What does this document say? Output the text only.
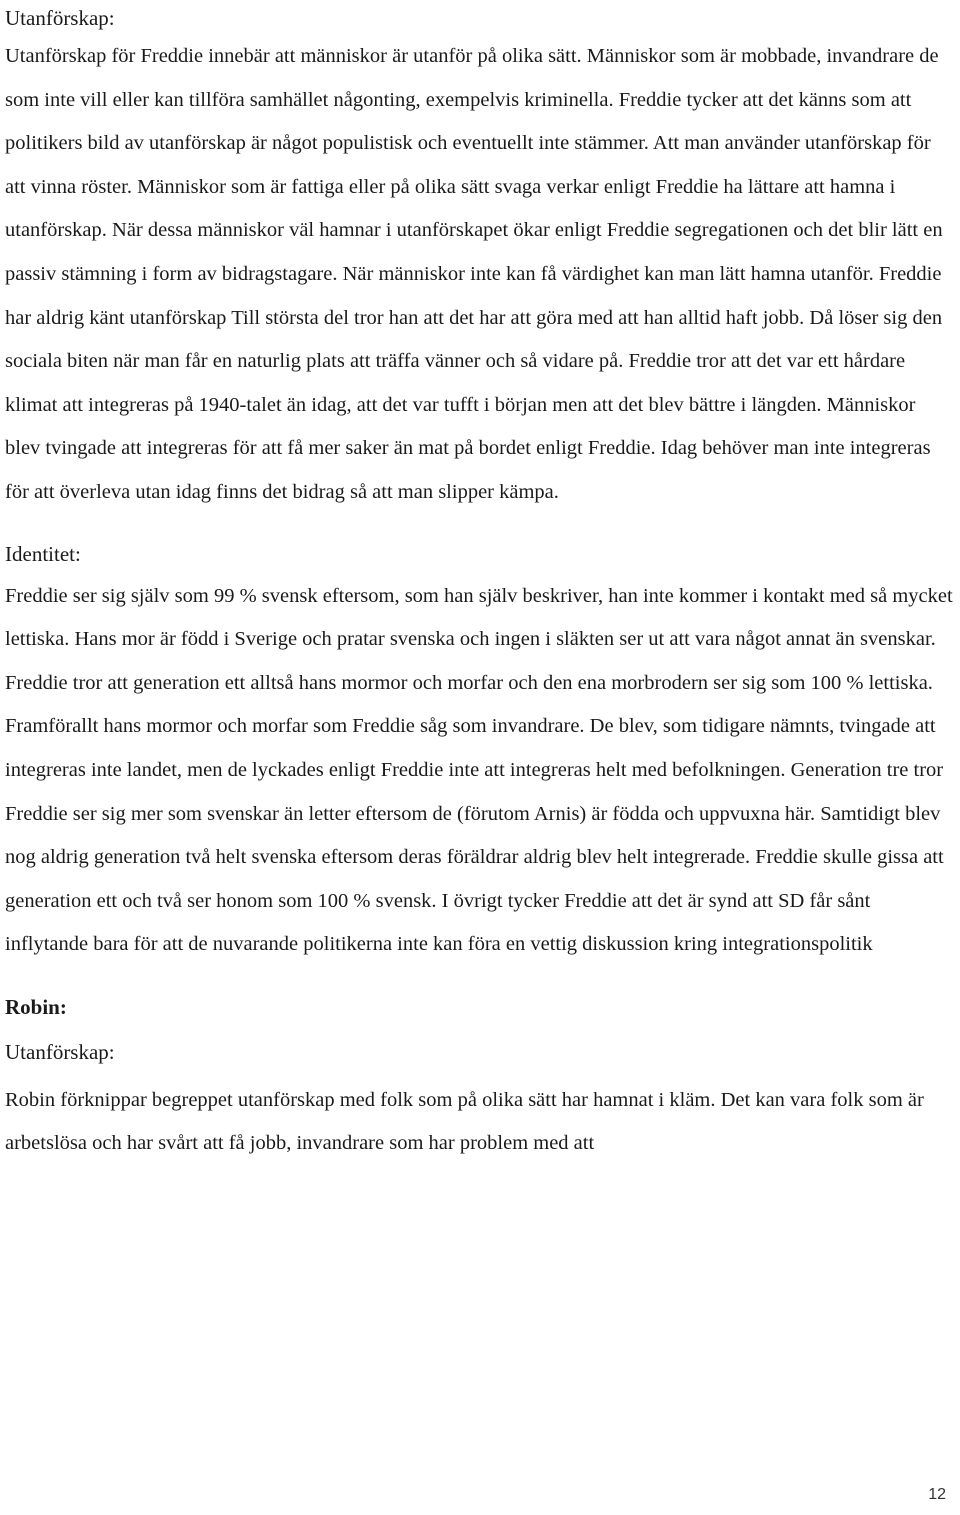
Utanförskap:

Utanförskap för Freddie innebär att människor är utanför på olika sätt. Människor som är mobbade, invandrare de som inte vill eller kan tillföra samhället någonting, exempelvis kriminella. Freddie tycker att det känns som att politikers bild av utanförskap är något populistisk och eventuellt inte stämmer. Att man använder utanförskap för att vinna röster. Människor som är fattiga eller på olika sätt svaga verkar enligt Freddie ha lättare att hamna i utanförskap. När dessa människor väl hamnar i utanförskapet ökar enligt Freddie segregationen och det blir lätt en passiv stämning i form av bidragstagare. När människor inte kan få värdighet kan man lätt hamna utanför. Freddie har aldrig känt utanförskap Till största del tror han att det har att göra med att han alltid haft jobb. Då löser sig den sociala biten när man får en naturlig plats att träffa vänner och så vidare på. Freddie tror att det var ett hårdare klimat att integreras på 1940-talet än idag, att det var tufft i början men att det blev bättre i längden. Människor blev tvingade att integreras för att få mer saker än mat på bordet enligt Freddie. Idag behöver man inte integreras för att överleva utan idag finns det bidrag så att man slipper kämpa.

Identitet:

Freddie ser sig själv som 99 % svensk eftersom, som han själv beskriver, han inte kommer i kontakt med så mycket lettiska. Hans mor är född i Sverige och pratar svenska och ingen i släkten ser ut att vara något annat än svenskar. Freddie tror att generation ett alltså hans mormor och morfar och den ena morbrodern ser sig som 100 % lettiska. Framförallt hans mormor och morfar som Freddie såg som invandrare. De blev, som tidigare nämnts, tvingade att integreras inte landet, men de lyckades enligt Freddie inte att integreras helt med befolkningen. Generation tre tror Freddie ser sig mer som svenskar än letter eftersom de (förutom Arnis) är födda och uppvuxna här. Samtidigt blev nog aldrig generation två helt svenska eftersom deras föräldrar aldrig blev helt integrerade. Freddie skulle gissa att generation ett och två ser honom som 100 % svensk. I övrigt tycker Freddie att det är synd att SD får sånt inflytande bara för att de nuvarande politikerna inte kan föra en vettig diskussion kring integrationspolitik

Robin:
Utanförskap:

Robin förknippar begreppet utanförskap med folk som på olika sätt har hamnat i kläm. Det kan vara folk som är arbetslösa och har svårt att få jobb, invandrare som har problem med att

12
